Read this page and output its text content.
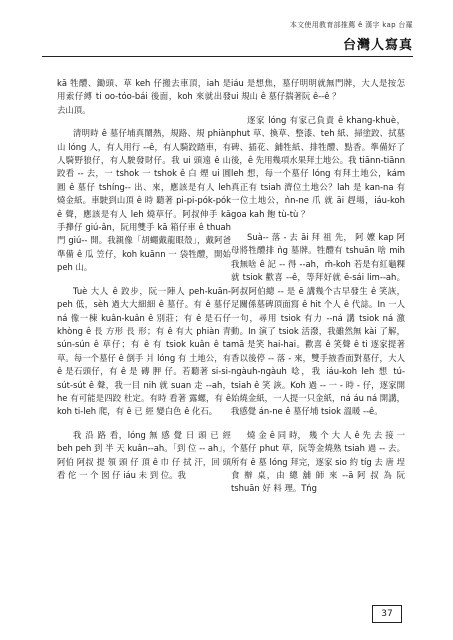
本文使用教育部推薦 ê 漢字 kap 台羅
台灣人寫真

kā 牲醴、鋤頭、草 keh 仔搬去車頂，iah 是用索仔縛 ti oo-tóo-bái 後面，koh 來就出發去山頂。

清明時 ê 墓仔埔真鬧熱，規路、規 phiàn 山 lóng 人，有人用行 --ê，有人騎跤踏車，有人騎野狼仔，有人駛發財仔。我 ui 頭遠 ê 山跤看 -- 去，一 tshok 一 tshok ê 白 煙 ui 圓 圓 ê 墓仔 tshíng-- 出、來，應該是有人 leh 燒金紙。車駛到山頂 ê 時 聽著 pi-pi-pók-pók ê 聲，應該是有人 leh 燒草仔。阿叔伸手 kā 手攑仔 giú-ân，阮用雙手 kā 箱仔車 ê thuah 門 giú-- 開。我親像「胡蠅戴龍眼殼」，戴阿爸準備 ê 瓜 笠仔，koh kuānn 一 袋牲醴，開始 peh 山。

Tuè 大人 ê 跤步，阮一陣人 peh-kuān-peh 低，sèh 過大大細細 ê 墓仔。有 ê 墓仔 ná 像一棟 kuân-kuân ê 別莊；有 ê 是石仔 khòng ê 長 方形 長 形；有 ê 有大 phiàn 青 sún-sún ê 草仔；有 ê 有 tsiok kuân ê ta 草。每一个墓仔 ê 倒手 爿 lóng 有 土地公，有 ê 是石頭仔，有 ê 是 磚 胛 仔。若聽著 si-si-sút-sút ê 聲，我一目 nih 就 suan 走 --ah，he 有可能是四跤 杜定。有時 看著 露螺，有 ê koh ti-leh 爬，有 ê 已 經 變白色 ê 化石。

我 沿 路 看，lóng 無 感 覺 日 頭 已 經 beh peh 到 半 天 kuân--ah。「到 位 -- ah」，阿伯 阿叔 提 領 頭 仔 頂 ê 巾 仔 拭 汗，回 頭 看 佗 一 个 囡 仔 iáu 未 到 位。我

iáu 是想焦，墓仔明明就無門牌，大人是按怎 ui 規山 ê 墓仔揣著阮 ê--ê ？

逐家 lóng 有家己負責 ê khang-khuè，phut 草、換草、整漆、teh 紙、掃塗跤、拭墓碑、插花、鋪牲紙、排牲醴、點香。準備好了後，ê 先用幾項水果拜土地公。我 tiānn-tiānn leh 想，每一个墓仔 lóng 有拜土地公，kám 真正有 tsiah 濟位土地公？lah 是 kan-na 有一位土地公，ǹn-ne 爪 就 āi 趕場，iáu-koh goa kah 飽 tù-tù ？

Suà-- 落 - 去 āi 拜 祖 先， 阿 嬤 kap 阿母將牲醴排 ǹg 墓牌。牲醴有 tshuān 啥 mih 我無啥 ê 記 -- 得 --ah，m̄-koh 若是有紅龜粿就 tsiok 歡喜 --ê，等拜好就 ē-sái lim--ah。阿叔阿伯總 -- 是 ē 講幾个古早發生 ê 笑詼，足關係墓碑頂面寫 ê hit 个人 ê 代誌。In 一人一句，尋用 tsiok 有力 --ná 講 tsiok ná 激動。In 演了 tsiok 活潑，我雖然無 kài 了解，mā 是笑 hai-hai。歡喜 ê 笑聲 ê ti 逐家提著香以後停 -- 落 - 來，雙手掖香面對墓仔，大人 ngàuh-ngàuh 唸，我 iáu-koh leh 想 tú-tsiah ê 笑 詼。Koh 過 -- 一 - 時 - 仔，逐家開始燒金紙，一人提一只金紙，ná áu ná 開講，我感覺 án-ne ê 墓仔埔 tsiok 溫暖 --ê。

燒 金 ê 同 時， 幾 个 大 人 ê 先 去 接 一个墓仔 phut 草，阮等金燒熟 tsiah 過 -- 去。所有 ê 墓 lóng 拜完，逐家 sio 約 tíg 去 唐 埕 食 辦 桌，由 總 舖 師 來 --ā 阿 叔 為 阮 tshuān 好 料 理。Tńg

37
